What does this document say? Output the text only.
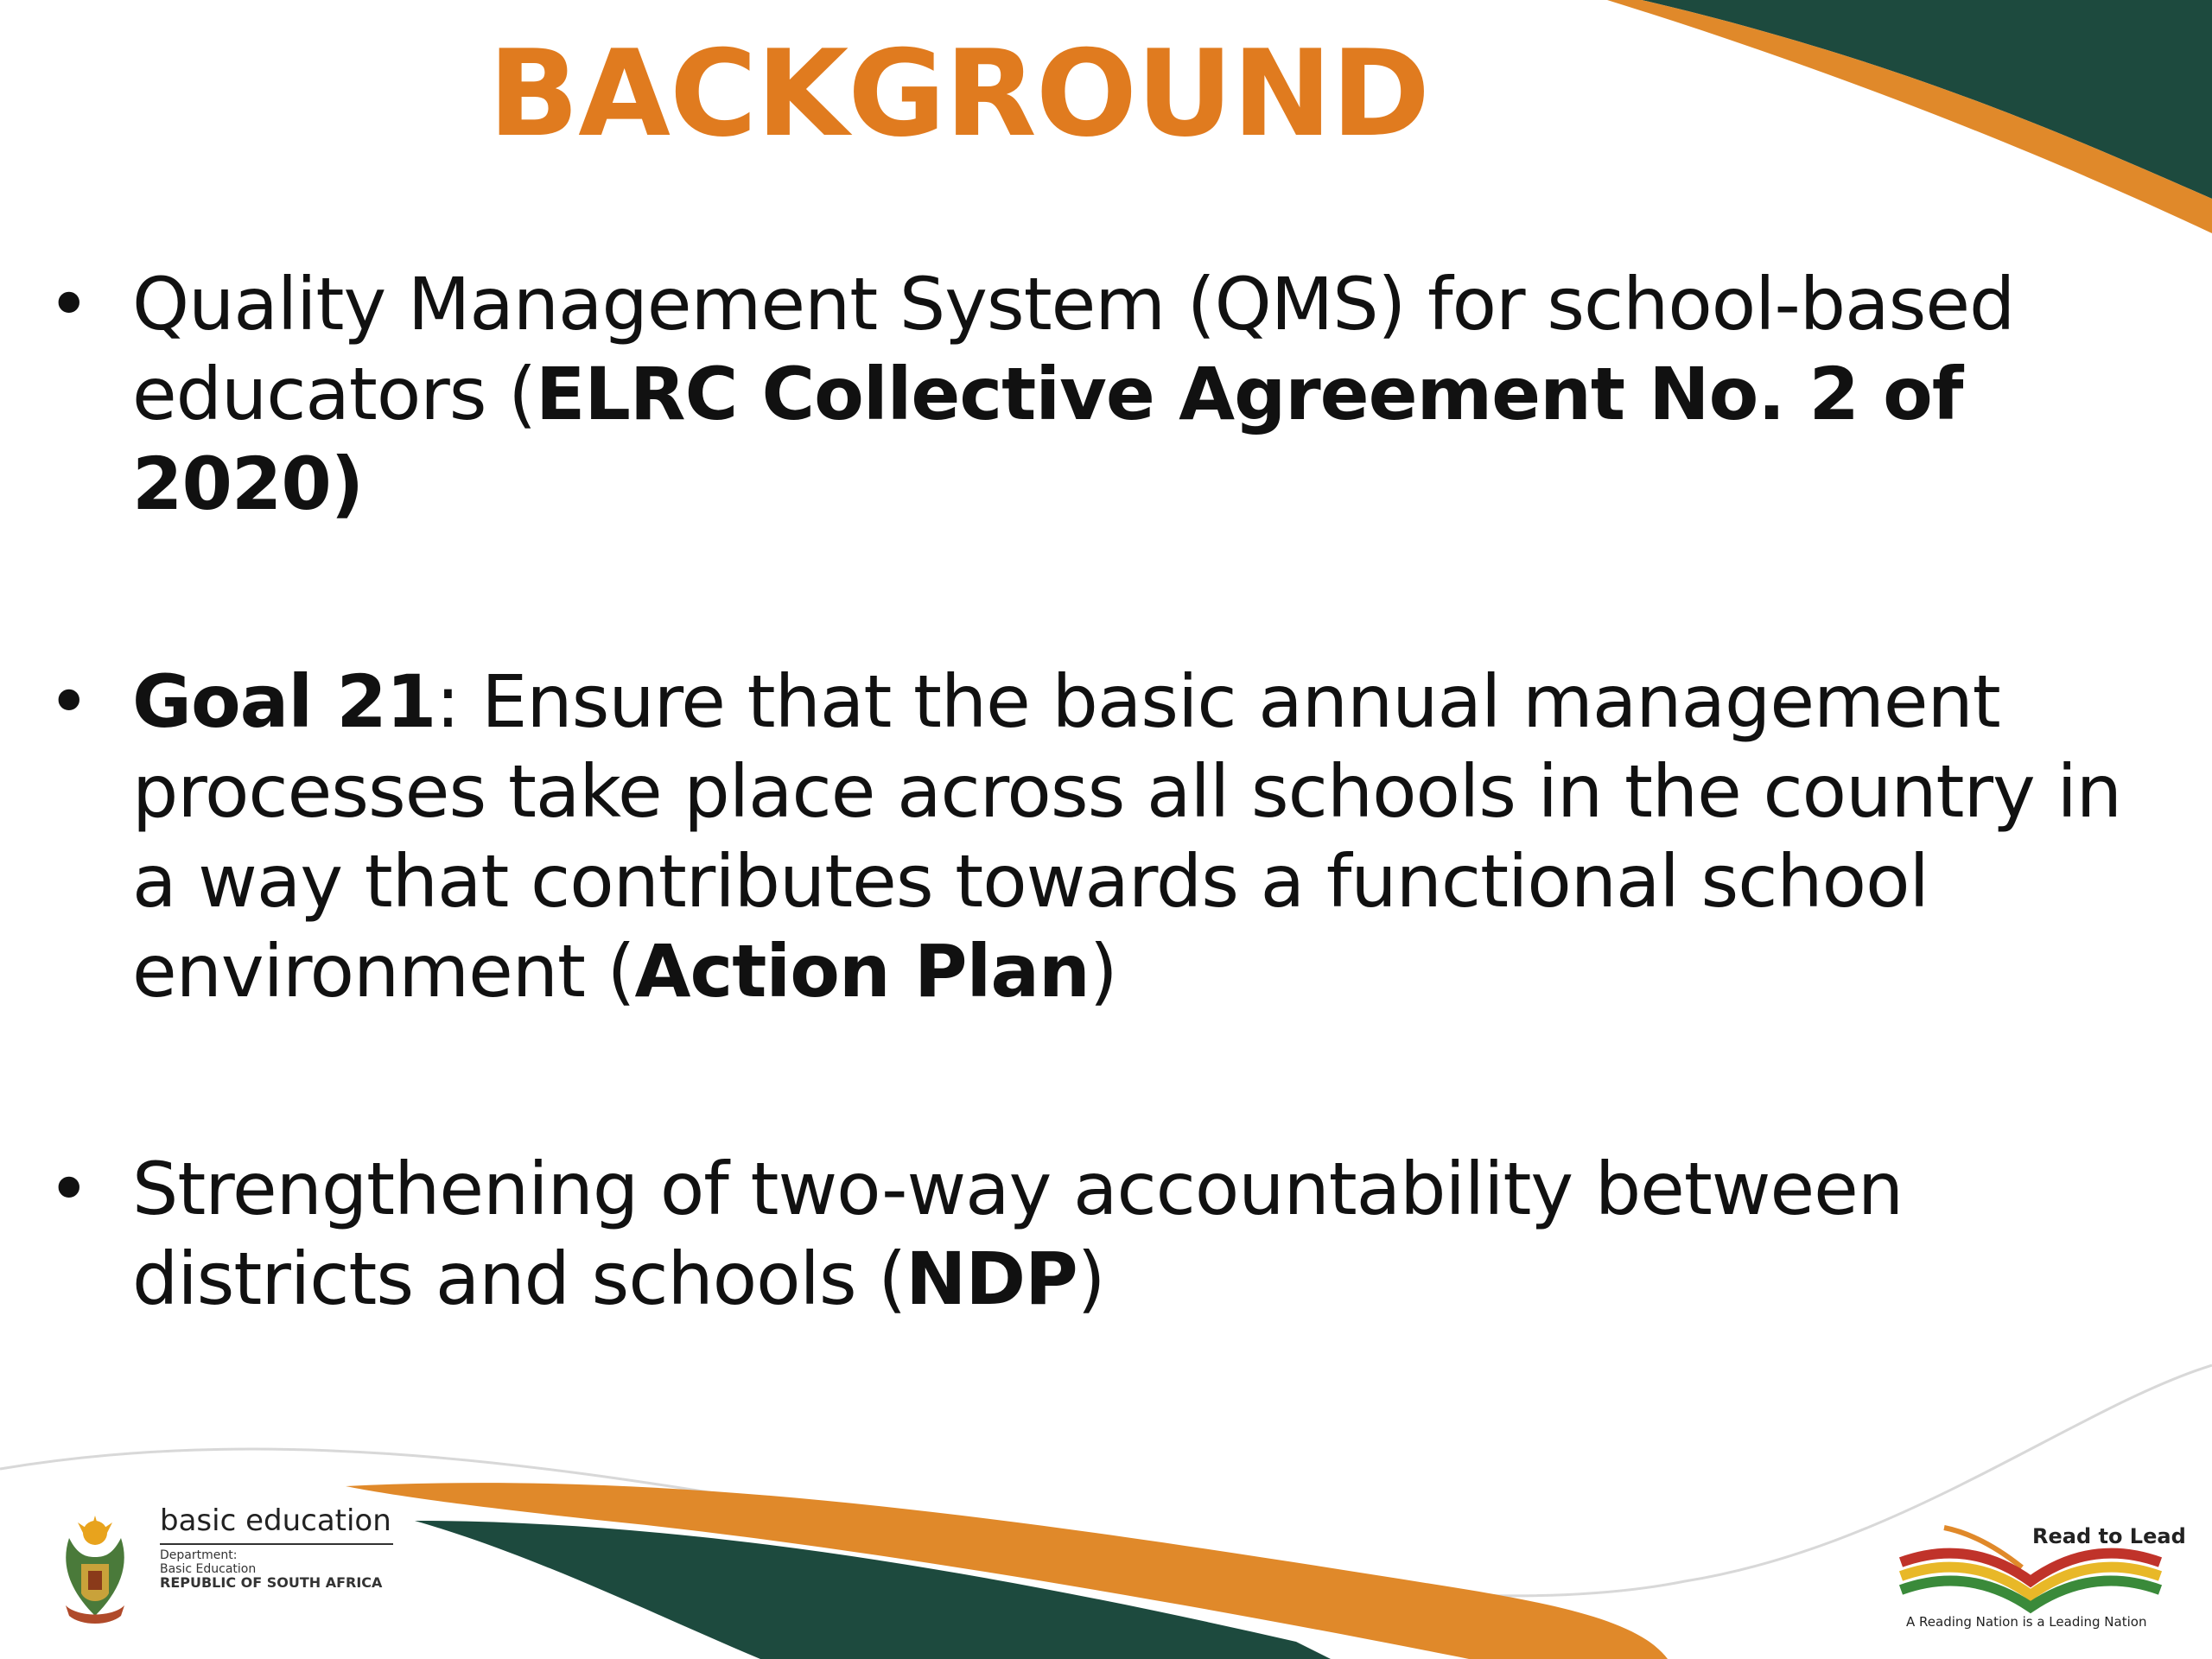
BACKGROUND
• Quality Management System (QMS) for school-based educators (ELRC Collective Agreement No. 2 of 2020)
• Goal 21: Ensure that the basic annual management processes take place across all schools in the country in a way that contributes towards a functional school environment (Action Plan)
• Strengthening of two-way accountability between districts and schools (NDP)
basic education
Department:
Basic Education
REPUBLIC OF SOUTH AFRICA
Read to Lead
A Reading Nation is a Leading Nation
